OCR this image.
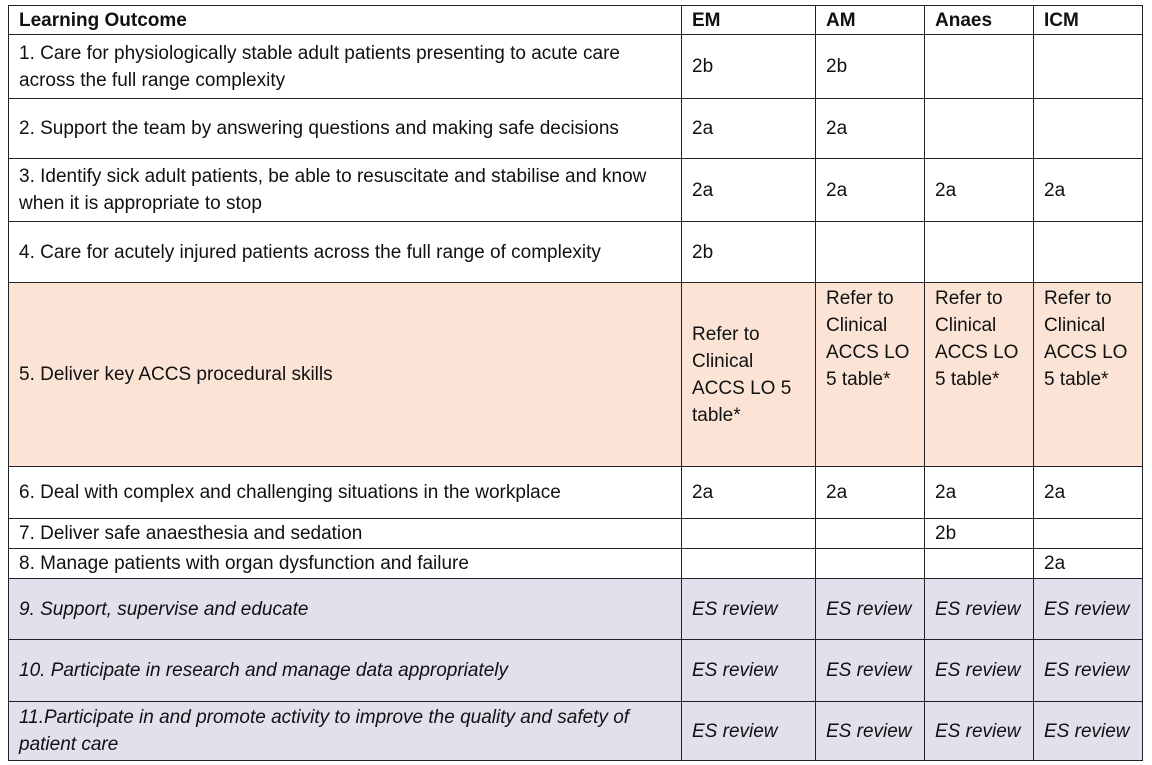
Learning Outcome	EM	AM	Anaes	ICM
1. Care for physiologically stable adult patients presenting to acute care across the full range complexity	2b	2b		
2. Support the team by answering questions and making safe decisions	2a	2a		
3. Identify sick adult patients, be able to resuscitate and stabilise and know when it is appropriate to stop	2a	2a	2a	2a
4. Care for acutely injured patients across the full range of complexity	2b			
5. Deliver key ACCS procedural skills	Refer to Clinical ACCS LO 5 table*	Refer to Clinical ACCS LO 5 table*	Refer to Clinical ACCS LO 5 table*	Refer to Clinical ACCS LO 5 table*
6. Deal with complex and challenging situations in the workplace	2a	2a	2a	2a
7. Deliver safe anaesthesia and sedation			2b	
8. Manage patients with organ dysfunction and failure				2a
9. Support, supervise and educate	ES review	ES review	ES review	ES review
10. Participate in research and manage data appropriately	ES review	ES review	ES review	ES review
11.Participate in and promote activity to improve the quality and safety of patient care	ES review	ES review	ES review	ES review
